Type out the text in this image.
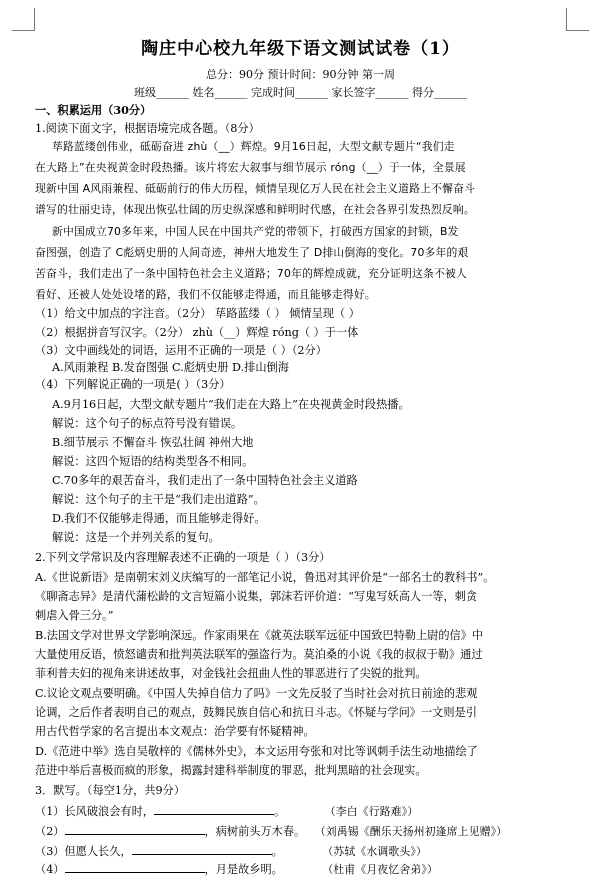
陶庄中心校九年级下语文测试试卷（1）
总分：90分 预计时间：90分钟 第一周
班级______ 姓名______ 完成时间______ 家长签字______ 得分______
一、积累运用（30分）
1.阅读下面文字，根据语境完成各题。（8分）
荜路蓝缕创伟业，砥砺奋进 zhù（__）辉煌。9月16日起，大型文献专题片“我们走
在大路上”在央视黄金时段热播。该片将宏大叙事与细节展示 róng（__）于一体，全景展
现新中国 A风雨兼程、砥砺前行的伟大历程，倾情呈现亿万人民在社会主义道路上不懈奋斗
谱写的壮丽史诗，体现出恢弘壮阔的历史纵深感和鲜明时代感，在社会各界引发热烈反响。
新中国成立70多年来，中国人民在中国共产党的带领下，打破西方国家的封锁，B发
奋图强，创造了 C彪炳史册的人间奇迹，神州大地发生了 D排山倒海的变化。70多年的艰
苦奋斗，我们走出了一条中国特色社会主义道路；70年的辉煌成就，充分证明这条不被人
看好、还被人处处设堵的路，我们不仅能够走得通，而且能够走得好。
（1）给文中加点的字注音。（2分） 荜路蓝缕（ ） 倾情呈现（ ）
（2）根据拼音写汉字。（2分） zhù（__）辉煌 róng（ ）于一体
（3）文中画线处的词语，运用不正确的一项是（ ）（2分）
A.风雨兼程 B.发奋图强 C.彪炳史册 D.排山倒海
（4）下列解说正确的一项是( ）（3分）
A.9月16日起，大型文献专题片“我们走在大路上”在央视黄金时段热播。
解说：这个句子的标点符号没有错误。
B.细节展示 不懈奋斗 恢弘壮阔 神州大地
解说：这四个短语的结构类型各不相同。
C.70多年的艰苦奋斗，我们走出了一条中国特色社会主义道路
解说：这个句子的主干是“我们走出道路”。
D.我们不仅能够走得通，而且能够走得好。
解说：这是一个并列关系的复句。
2.下列文学常识及内容理解表述不正确的一项是（ ）（3分）
A.《世说新语》是南朝宋刘义庆编写的一部笔记小说，鲁迅对其评价是“一部名士的教科书”。
《聊斋志异》是清代蒲松龄的文言短篇小说集，郭沫若评价道：“写鬼写妖高人一等，刺贪
刺虐入骨三分。”
B.法国文学对世界文学影响深远。作家雨果在《就英法联军远征中国致巴特勒上尉的信》中
大量使用反语，愤怒谴责和批判英法联军的强盗行为。莫泊桑的小说《我的叔叔于勒》通过
菲利普夫妇的视角来讲述故事，对金钱社会扭曲人性的罪恶进行了尖锐的批判。
C.议论文观点要明确。《中国人失掉自信力了吗》一文先反驳了当时社会对抗日前途的悲观
论调，之后作者表明自己的观点，鼓舞民族自信心和抗日斗志。《怀疑与学问》一文则是引
用古代哲学家的名言提出本文观点：治学要有怀疑精神。
D.《范进中举》选自吴敬梓的《儒林外史》，本文运用夸张和对比等讽刺手法生动地描绘了
范进中举后喜极而疯的形象，揭露封建科举制度的罪恶，批判黑暗的社会现实。
3．默写。（每空1分，共9分）
（1）长风破浪会有时，	。	（李白《行路难》）
（2）	，病树前头万木春。 （刘禹锡《酬乐天扬州初逢席上见赠》）
（3）但愿人长久，	。	（苏轼《水调歌头》）
（4）	，月是故乡明。	（杜甫《月夜忆舍弟》）
